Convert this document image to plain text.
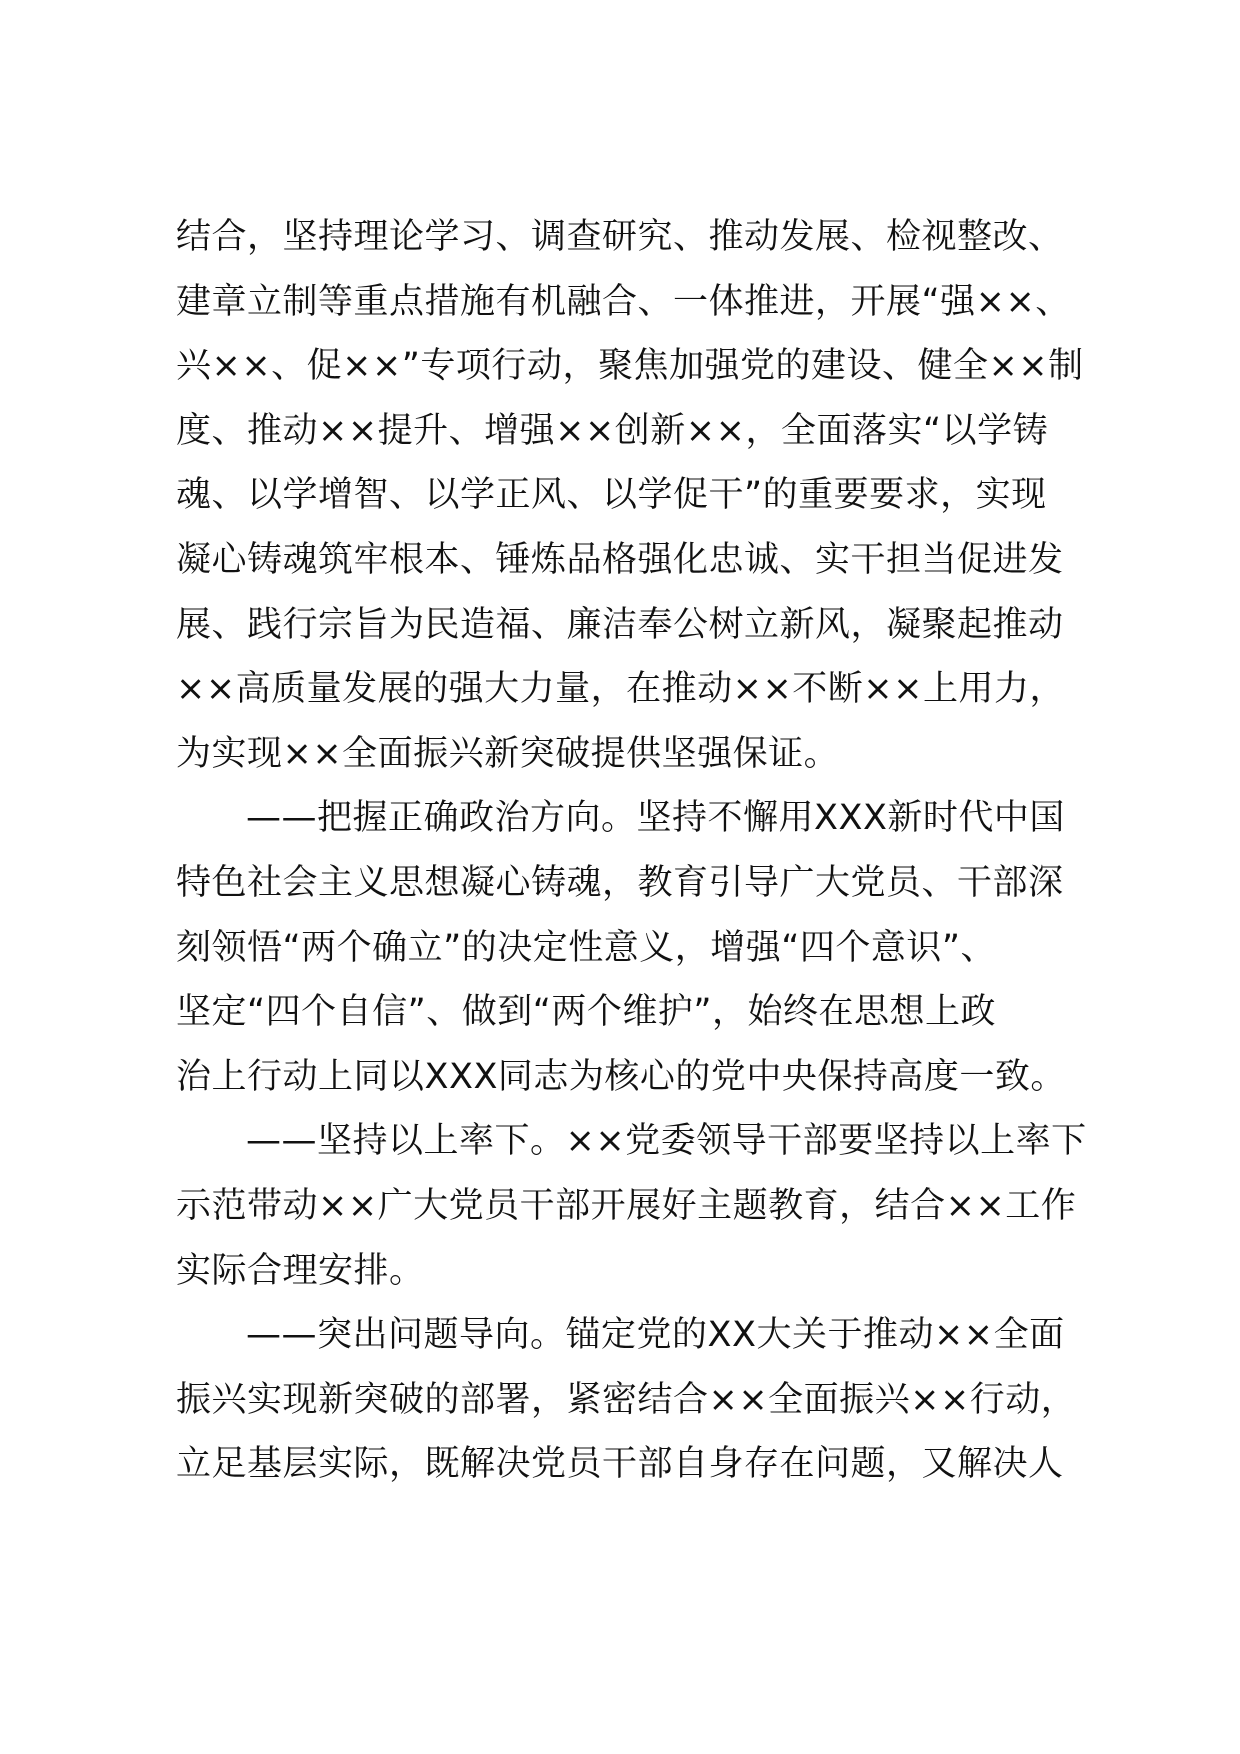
结合，坚持理论学习、调查研究、推动发展、检视整改、
建章立制等重点措施有机融合、一体推进，开展“强××、
兴××、促××”专项行动，聚焦加强党的建设、健全××制
度、推动××提升、增强××创新××，全面落实“以学铸
魂、以学增智、以学正风、以学促干”的重要要求，实现
凝心铸魂筑牢根本、锤炼品格强化忠诚、实干担当促进发
展、践行宗旨为民造福、廉洁奉公树立新风，凝聚起推动
××高质量发展的强大力量，在推动××不断××上用力，
为实现××全面振兴新突破提供坚强保证。
——把握正确政治方向。坚持不懈用XXX新时代中国
特色社会主义思想凝心铸魂，教育引导广大党员、干部深
刻领悟“两个确立”的决定性意义，增强“四个意识”、
坚定“四个自信”、做到“两个维护”，始终在思想上政
治上行动上同以XXX同志为核心的党中央保持高度一致。
——坚持以上率下。××党委领导干部要坚持以上率下
示范带动××广大党员干部开展好主题教育，结合××工作
实际合理安排。
——突出问题导向。锚定党的XX大关于推动××全面
振兴实现新突破的部署，紧密结合××全面振兴××行动，
立足基层实际，既解决党员干部自身存在问题，又解决人
